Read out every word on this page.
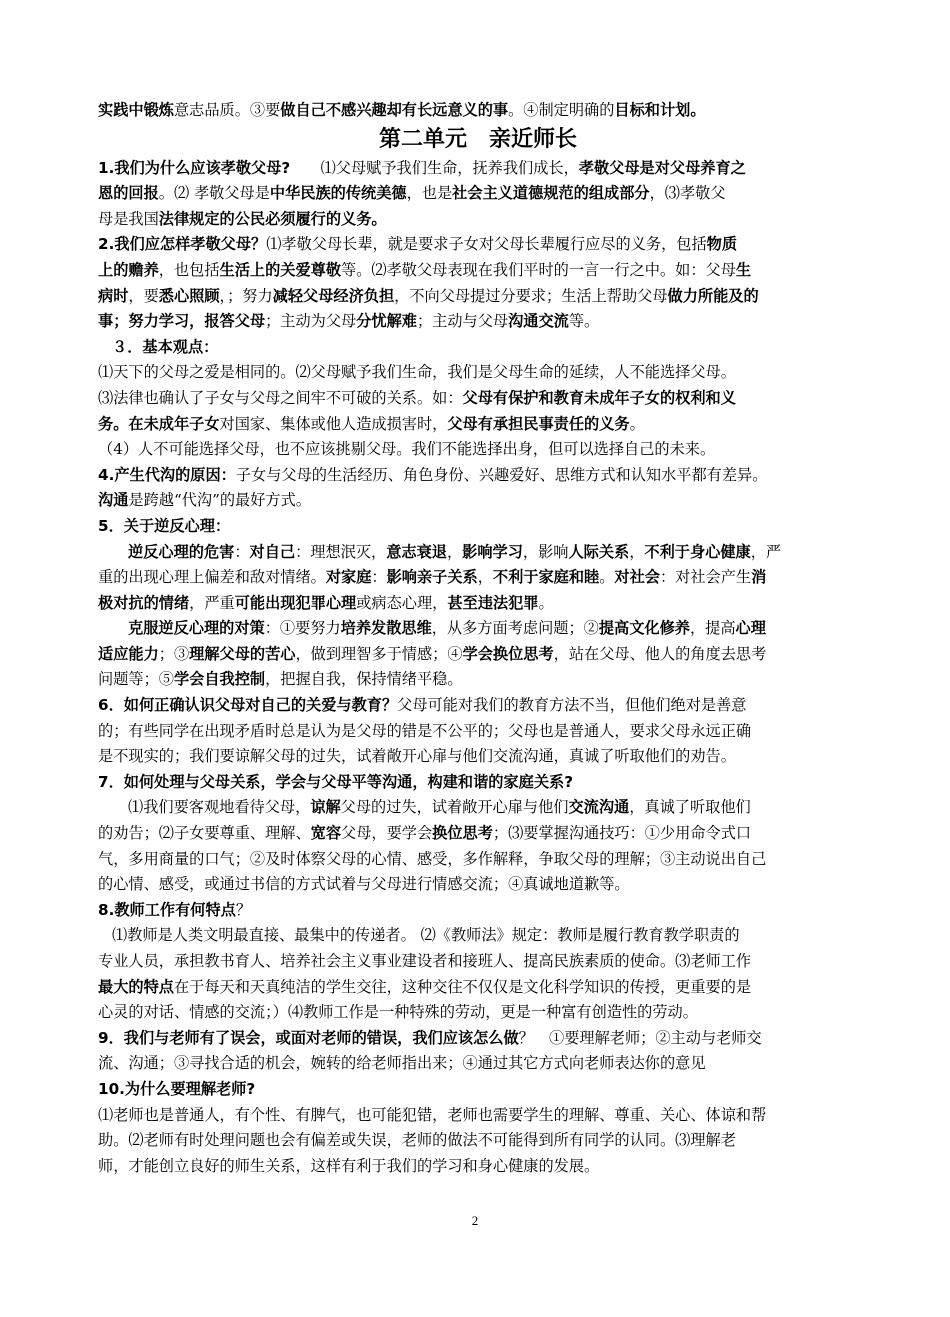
实践中锻炼意志品质。③要做自己不感兴趣却有长远意义的事。④制定明确的目标和计划。
第二单元　亲近师长
1.我们为什么应该孝敬父母?　　⑴父母赋予我们生命，抚养我们成长，孝敬父母是对父母养育之
恩的回报。⑵ 孝敬父母是中华民族的传统美德，也是社会主义道德规范的组成部分，⑶孝敬父
母是我国法律规定的公民必须履行的义务。
2.我们应怎样孝敬父母？⑴孝敬父母长辈，就是要求子女对父母长辈履行应尽的义务，包括物质
上的赡养，也包括生活上的关爱尊敬等。⑵孝敬父母表现在我们平时的一言一行之中。如：父母生
病时，要悉心照顾，；努力减轻父母经济负担，不向父母提过分要求；生活上帮助父母做力所能及的
事；努力学习，报答父母；主动为父母分忧解难；主动与父母沟通交流等。
３．基本观点：
⑴天下的父母之爱是相同的。⑵父母赋予我们生命，我们是父母生命的延续，人不能选择父母。
⑶法律也确认了子女与父母之间牢不可破的关系。如：父母有保护和教育未成年子女的权利和义
务。在未成年子女对国家、集体或他人造成损害时，父母有承担民事责任的义务。
（4）人不可能选择父母，也不应该挑剔父母。我们不能选择出身，但可以选择自己的未来。
4.产生代沟的原因：子女与父母的生活经历、角色身份、兴趣爱好、思维方式和认知水平都有差异。
沟通是跨越“代沟”的最好方式。
5．关于逆反心理：
逆反心理的危害：对自己：理想泯灭，意志衰退，影响学习，影响人际关系，不利于身心健康，严
重的出现心理上偏差和敌对情绪。对家庭：影响亲子关系，不利于家庭和睦。对社会：对社会产生消
极对抗的情绪，严重可能出现犯罪心理或病态心理，甚至违法犯罪。
克服逆反心理的对策：①要努力培养发散思维，从多方面考虑问题；②提高文化修养，提高心理
适应能力；③理解父母的苦心，做到理智多于情感；④学会换位思考，站在父母、他人的角度去思考
问题等；⑤学会自我控制，把握自我，保持情绪平稳。
6．如何正确认识父母对自己的关爱与教育？父母可能对我们的教育方法不当，但他们绝对是善意
的；有些同学在出现矛盾时总是认为是父母的错是不公平的；父母也是普通人，要求父母永远正确
是不现实的；我们要谅解父母的过失，试着敞开心扉与他们交流沟通，真诚了听取他们的劝告。
7．如何处理与父母关系，学会与父母平等沟通，构建和谐的家庭关系?
⑴我们要客观地看待父母，谅解父母的过失，试着敞开心扉与他们交流沟通，真诚了听取他们
的劝告；⑵子女要尊重、理解、宽容父母，要学会换位思考；⑶要掌握沟通技巧：①少用命令式口
气，多用商量的口气；②及时体察父母的心情、感受，多作解释，争取父母的理解；③主动说出自己
的心情、感受，或通过书信的方式试着与父母进行情感交流；④真诚地道歉等。
8.教师工作有何特点？
⑴教师是人类文明最直接、最集中的传递者。 ⑵《教师法》规定：教师是履行教育教学职责的
专业人员，承担教书育人、培养社会主义事业建设者和接班人、提高民族素质的使命。⑶老师工作
最大的特点在于每天和天真纯洁的学生交往，这种交往不仅仅是文化科学知识的传授，更重要的是
心灵的对话、情感的交流；）⑷教师工作是一种特殊的劳动，更是一种富有创造性的劳动。
9．我们与老师有了误会，或面对老师的错误，我们应该怎么做？　①要理解老师；②主动与老师交
流、沟通；③寻找合适的机会，婉转的给老师指出来；④通过其它方式向老师表达你的意见
10.为什么要理解老师?
⑴老师也是普通人，有个性、有脾气，也可能犯错，老师也需要学生的理解、尊重、关心、体谅和帮
助。⑵老师有时处理问题也会有偏差或失误，老师的做法不可能得到所有同学的认同。⑶理解老
师，才能创立良好的师生关系，这样有利于我们的学习和身心健康的发展。
2
